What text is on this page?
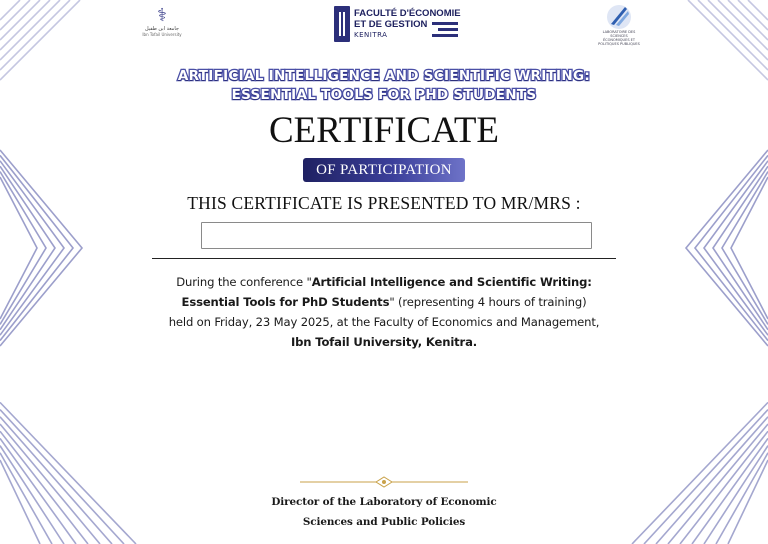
⚕
جامعة ابن طفيل
Ibn Tofail University
FACULTÉ D'ÉCONOMIE
ET DE GESTION
KENITRA	LABORATOIRE DES SCIENCES ÉCONOMIQUES ET POLITIQUES PUBLIQUES
ARTIFICIAL INTELLIGENCE AND SCIENTIFIC WRITING:
ESSENTIAL TOOLS FOR PHD STUDENTS
CERTIFICATE
OF PARTICIPATION
THIS CERTIFICATE IS PRESENTED TO MR/MRS :
During the conference "Artificial Intelligence and Scientific Writing:
Essential Tools for PhD Students" (representing 4 hours of training)
held on Friday, 23 May 2025, at the Faculty of Economics and Management,
Ibn Tofail University, Kenitra.
Director of the Laboratory of Economic
Sciences and Public Policies
